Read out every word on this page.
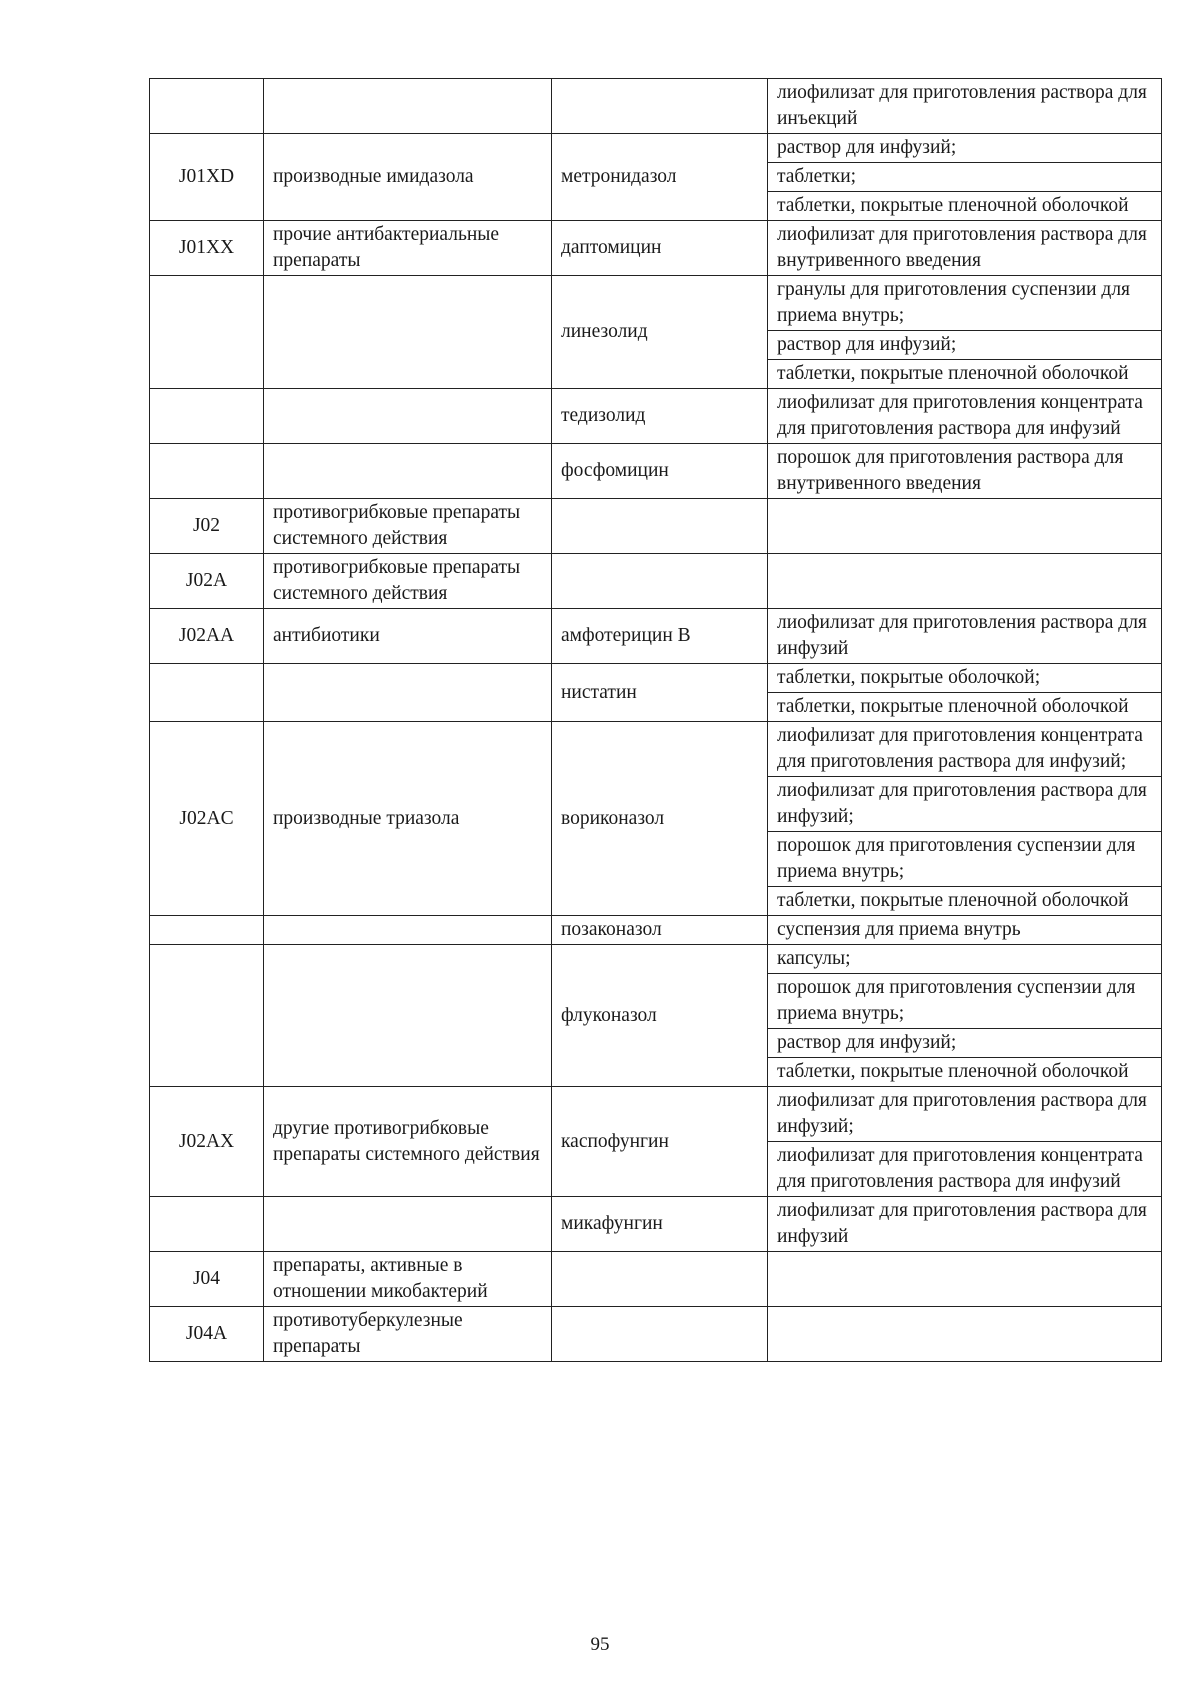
			лиофилизат для приготовления раствора для инъекций

J01XD	производные имидазола	метронидазол	раствор для инфузий;
таблетки;
таблетки, покрытые пленочной оболочкой

J01XX	прочие антибактериальные препараты	даптомицин	лиофилизат для приготовления раствора для внутривенного введения

		линезолид	гранулы для приготовления суспензии для приема внутрь;
раствор для инфузий;
таблетки, покрытые пленочной оболочкой

		тедизолид	лиофилизат для приготовления концентрата для приготовления раствора для инфузий

		фосфомицин	порошок для приготовления раствора для внутривенного введения

J02	противогрибковые препараты системного действия		

J02A	противогрибковые препараты системного действия		

J02AA	антибиотики	амфотерицин В	лиофилизат для приготовления раствора для инфузий

		нистатин	таблетки, покрытые оболочкой;
таблетки, покрытые пленочной оболочкой

J02AC	производные триазола	вориконазол	лиофилизат для приготовления концентрата для приготовления раствора для инфузий;
лиофилизат для приготовления раствора для инфузий;
порошок для приготовления суспензии для приема внутрь;
таблетки, покрытые пленочной оболочкой

		позаконазол	суспензия для приема внутрь

		флуконазол	капсулы;
порошок для приготовления суспензии для приема внутрь;
раствор для инфузий;
таблетки, покрытые пленочной оболочкой

J02AX	другие противогрибковые препараты системного действия	каспофунгин	лиофилизат для приготовления раствора для инфузий;
лиофилизат для приготовления концентрата для приготовления раствора для инфузий

		микафунгин	лиофилизат для приготовления раствора для инфузий

J04	препараты, активные в отношении микобактерий		

J04A	противотуберкулезные препараты		

95
